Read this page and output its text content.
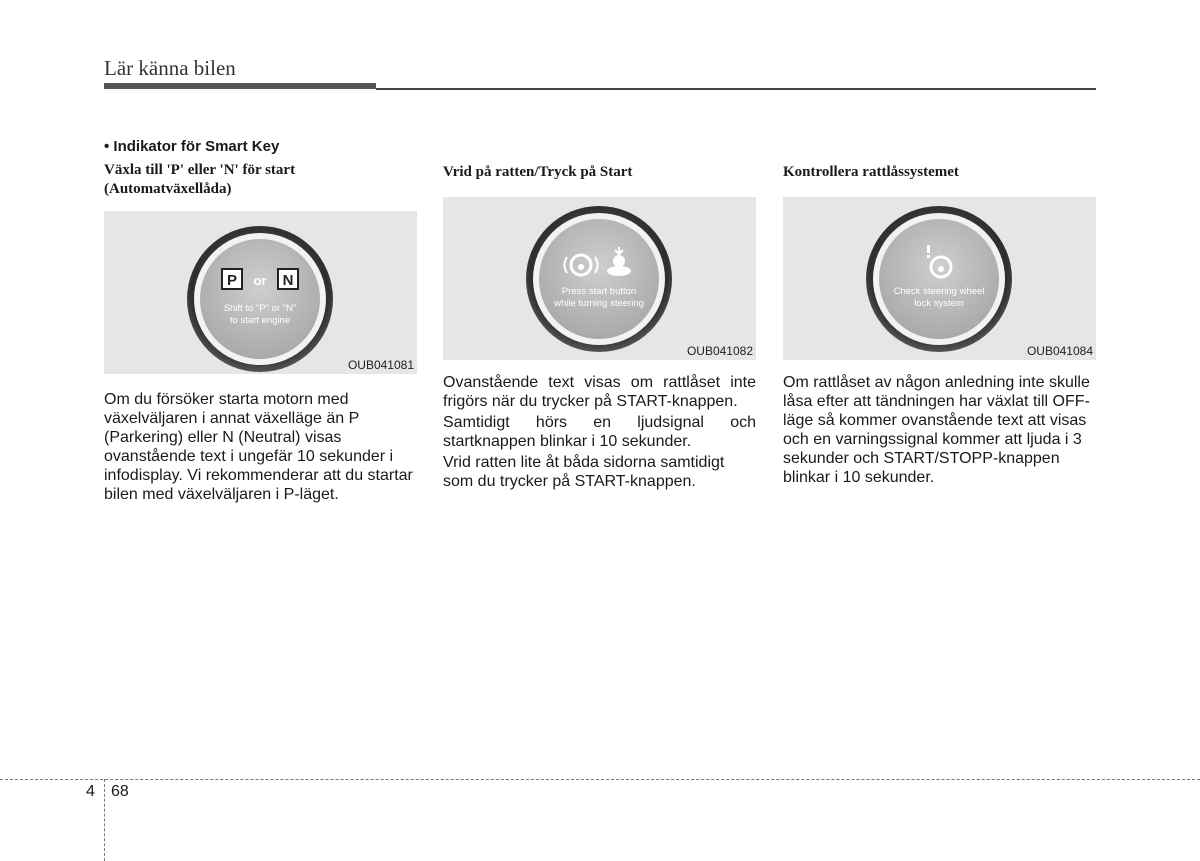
Lär känna bilen

• Indikator för Smart Key

Växla till 'P' eller 'N' för start
(Automatväxellåda)

P or N
Shift to "P" or "N"
to start engine
OUB041081

Om du försöker starta motorn med växelväljaren i annat växelläge än P (Parkering) eller N (Neutral) visas ovanstående text i ungefär 10 sekunder i infodisplay. Vi rekommenderar att du startar bilen med växelväljaren i P-läget.

Vrid på ratten/Tryck på Start

Press start button
while turning steering
OUB041082

Ovanstående text visas om rattlåset inte frigörs när du trycker på START-knappen.

Samtidigt hörs en ljudsignal och startknappen blinkar i 10 sekunder.

Vrid ratten lite åt båda sidorna samtidigt som du trycker på START-knappen.

Kontrollera rattlåssystemet

Check steering wheel
lock system
OUB041084

Om rattlåset av någon anledning inte skulle låsa efter att tändningen har växlat till OFF-läge så kommer ovanstående text att visas och en varningssignal kommer att ljuda i 3 sekunder och START/STOPP-knappen blinkar i 10 sekunder.

4 68
